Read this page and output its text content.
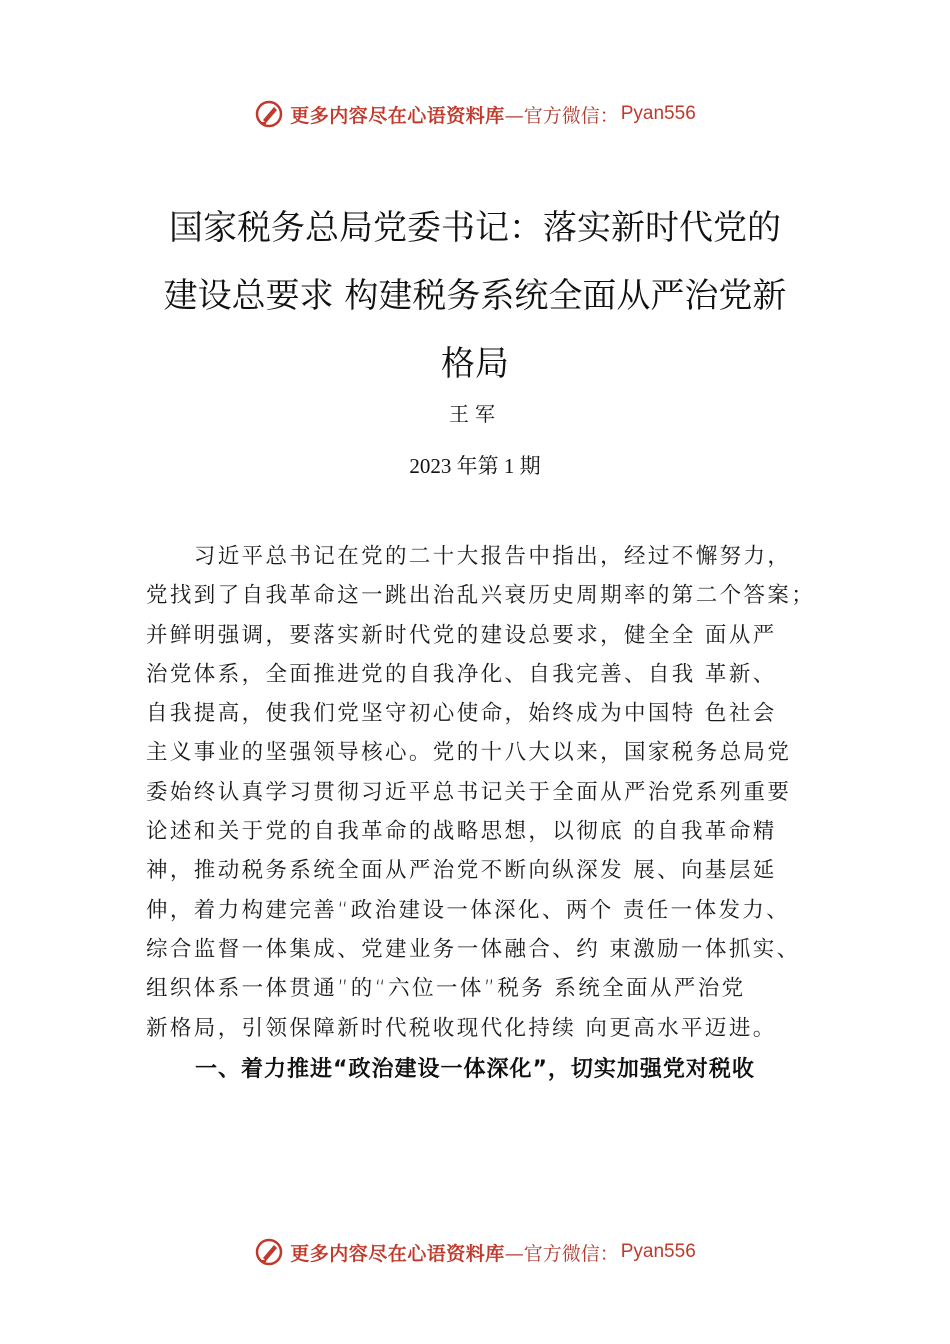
更多内容尽在心语资料库 —官方微信： Pyan556
国家税务总局党委书记：落实新时代党的
建设总要求 构建税务系统全面从严治党新
格局
王军
2023 年第 1 期
　　习近平总书记在党的二十大报告中指出，经过不懈努力，
党找到了自我革命这一跳出治乱兴衰历史周期率的第二个答案；
并鲜明强调，要落实新时代党的建设总要求，健全全 面从严
治党体系，全面推进党的自我净化、自我完善、自我 革新、
自我提高，使我们党坚守初心使命，始终成为中国特 色社会
主义事业的坚强领导核心。党的十八大以来，国家税务总局党
委始终认真学习贯彻习近平总书记关于全面从严治党系列重要
论述和关于党的自我革命的战略思想，以彻底 的自我革命精
神，推动税务系统全面从严治党不断向纵深发 展、向基层延
伸，着力构建完善“政治建设一体深化、两个 责任一体发力、
综合监督一体集成、党建业务一体融合、约 束激励一体抓实、
组织体系一体贯通”的“六位一体”税务 系统全面从严治党
新格局，引领保障新时代税收现代化持续 向更高水平迈进。
一、着力推进“政治建设一体深化”，切实加强党对税收
更多内容尽在心语资料库 —官方微信： Pyan556
